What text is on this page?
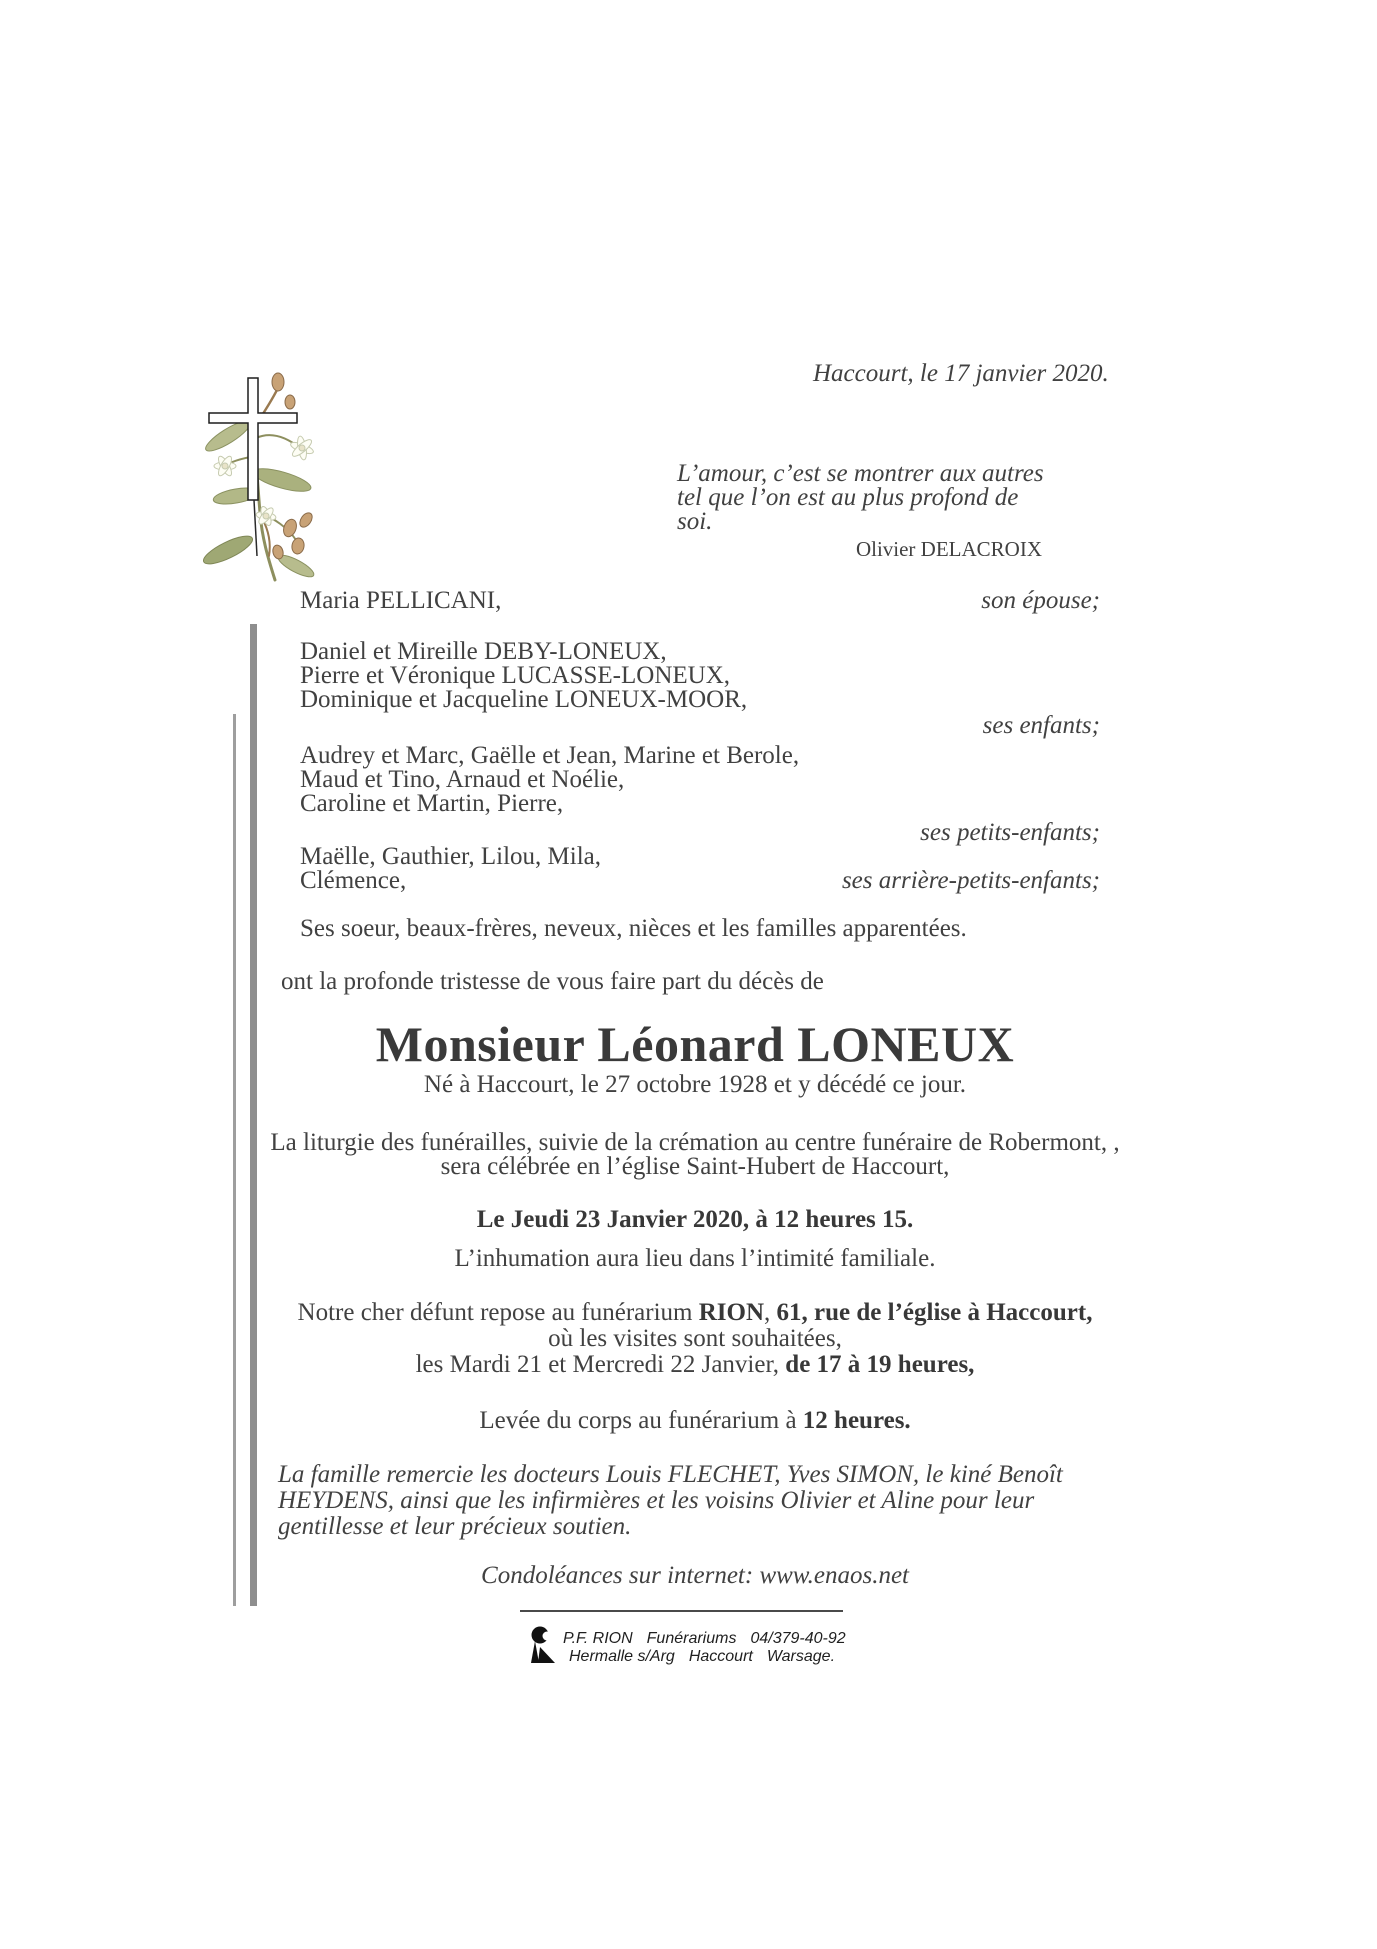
Haccourt, le 17 janvier 2020.
L’amour, c’est se montrer aux autres
tel que l’on est au plus profond de soi.
Olivier DELACROIX
Maria PELLICANI,	son épouse;
Daniel et Mireille DEBY-LONEUX,
Pierre et Véronique LUCASSE-LONEUX,
Dominique et Jacqueline LONEUX-MOOR,
ses enfants;
Audrey et Marc, Gaëlle et Jean, Marine et Berole,
Maud et Tino, Arnaud et Noélie,
Caroline et Martin, Pierre,
ses petits-enfants;
Maëlle, Gauthier, Lilou, Mila,
Clémence,	ses arrière-petits-enfants;
Ses soeur, beaux-frères, neveux, nièces et les familles apparentées.
ont la profonde tristesse de vous faire part du décès de
Monsieur Léonard LONEUX
Né à Haccourt, le 27 octobre 1928 et y décédé ce jour.
La liturgie des funérailles, suivie de la crémation au centre funéraire de Robermont, ,
sera célébrée en l’église Saint-Hubert de Haccourt,
Le Jeudi 23 Janvier 2020, à 12 heures 15.
L’inhumation aura lieu dans l’intimité familiale.
Notre cher défunt repose au funérarium RION, 61, rue de l’église à Haccourt,
où les visites sont souhaitées,
les Mardi 21 et Mercredi 22 Janvier, de 17 à 19 heures,
Levée du corps au funérarium à 12 heures.
La famille remercie les docteurs Louis FLECHET, Yves SIMON, le kiné Benoît
HEYDENS, ainsi que les infirmières et les voisins Olivier et Aline pour leur
gentillesse et leur précieux soutien.
Condoléances sur internet: www.enaos.net
P.F. RION Funérariums 04/379-40-92
Hermalle s/Arg Haccourt Warsage.
